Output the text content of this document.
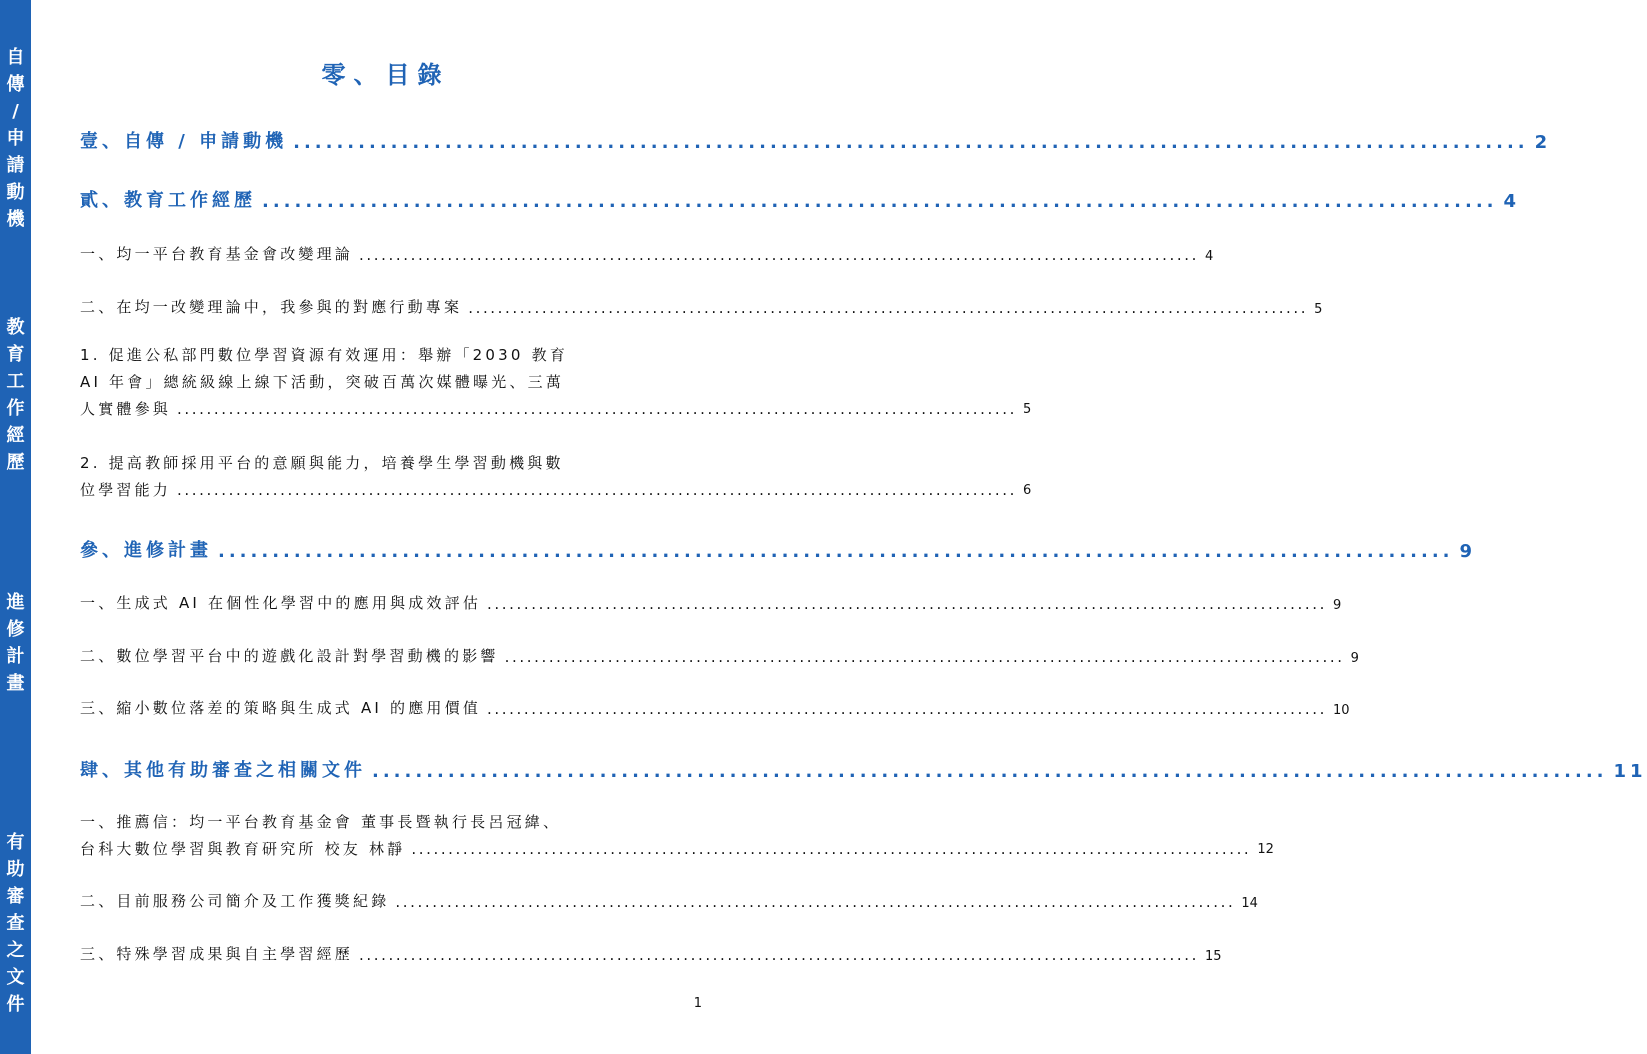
自
傳
/
申
請
動
機
教
育
工
作
經
歷
進
修
計
畫
有
助
審
查
之
文
件
零、目錄
壹、自傳 / 申請動機 .................................................................................................................. 2
貳、教育工作經歷 .................................................................................................................. 4
一、均一平台教育基金會改變理論 .................................................................................................................. 4
二、在均一改變理論中，我參與的對應行動專案 .................................................................................................................. 5
1. 促進公私部門數位學習資源有效運用：舉辦「2030 教育
AI 年會」總統級線上線下活動，突破百萬次媒體曝光、三萬
人實體參與 .................................................................................................................. 5
2. 提高教師採用平台的意願與能力，培養學生學習動機與數
位學習能力 .................................................................................................................. 6
參、進修計畫 .................................................................................................................. 9
一、生成式 AI 在個性化學習中的應用與成效評估 .................................................................................................................. 9
二、數位學習平台中的遊戲化設計對學習動機的影響 .................................................................................................................. 9
三、縮小數位落差的策略與生成式 AI 的應用價值 .................................................................................................................. 10
肆、其他有助審查之相關文件 .................................................................................................................. 11
一、推薦信：均一平台教育基金會 董事長暨執行長呂冠緯、
台科大數位學習與教育研究所 校友 林靜 .................................................................................................................. 12
二、目前服務公司簡介及工作獲獎紀錄 .................................................................................................................. 14
三、特殊學習成果與自主學習經歷 .................................................................................................................. 15
1
